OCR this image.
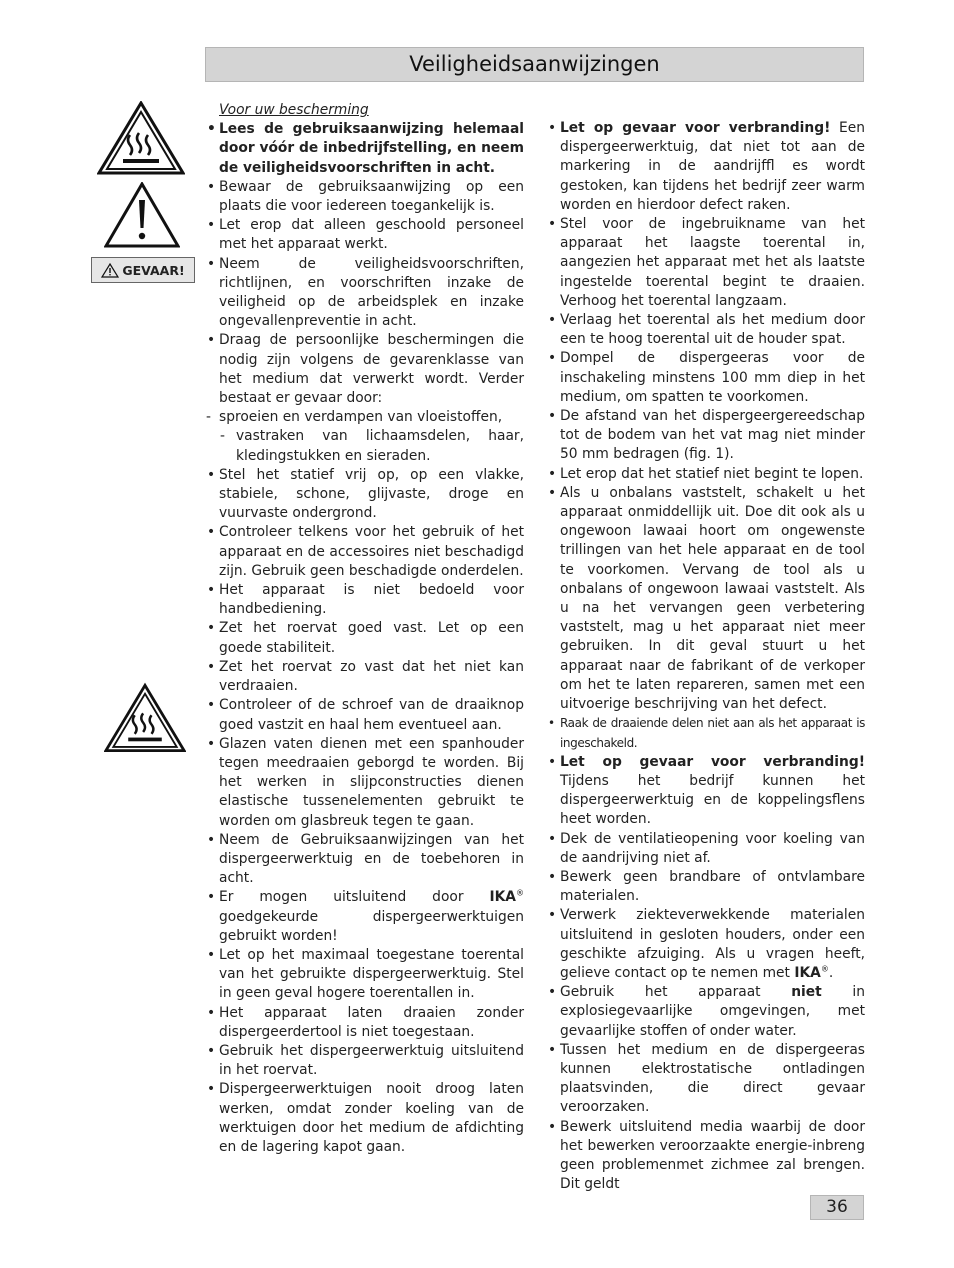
Veiligheidsaanwijzingen
GEVAAR!

Voor uw bescherming

• Lees de gebruiksaanwijzing helemaal door vóór de inbedrijfstelling, en neem de veiligheidsvoorschriften in acht.

• Bewaar de gebruiksaanwijzing op een plaats die voor iedereen toegankelijk is.

• Let erop dat alleen geschoold personeel met het apparaat werkt.

• Neem de veiligheidsvoorschriften, richtlijnen, en voorschriften inzake de veiligheid op de arbeidsplek en inzake ongevallenpreventie in acht.

• Draag de persoonlijke beschermingen die nodig zijn volgens de gevarenklasse van het medium dat verwerkt wordt. Verder bestaat er gevaar door:

- sproeien en verdampen van vloeistoffen,

- vastraken van lichaamsdelen, haar, kledingstukken en sieraden.

• Stel het statief vrij op, op een vlakke, stabiele, schone, glijvaste, droge en vuurvaste ondergrond.

• Controleer telkens voor het gebruik of het apparaat en de accessoires niet beschadigd zijn. Gebruik geen beschadigde onderdelen.

• Het apparaat is niet bedoeld voor handbediening.

• Zet het roervat goed vast. Let op een goede stabiliteit.

• Zet het roervat zo vast dat het niet kan verdraaien.

• Controleer of de schroef van de draaiknop goed vastzit en haal hem eventueel aan.

• Glazen vaten dienen met een spanhouder tegen meedraaien geborgd te worden. Bij het werken in slijpconstructies dienen elastische tussenelementen gebruikt te worden om glasbreuk tegen te gaan.

• Neem de Gebruiksaanwijzingen van het dispergeerwerktuig en de toebehoren in acht.

• Er mogen uitsluitend door IKA® goedgekeurde dispergeerwerktuigen gebruikt worden!

• Let op het maximaal toegestane toerental van het gebruikte dispergeerwerktuig. Stel in geen geval hogere toerentallen in.

• Het apparaat laten draaien zonder dispergeerdertool is niet toegestaan.

• Gebruik het dispergeerwerktuig uitsluitend in het roervat.

• Dispergeerwerktuigen nooit droog laten werken, omdat zonder koeling van de werktuigen door het medium de afdichting en de lagering kapot gaan.

• Let op gevaar voor verbranding! Een dispergeerwerktuig, dat niet tot aan de markering in de aandrijffl es wordt gestoken, kan tijdens het bedrijf zeer warm worden en hierdoor defect raken.

• Stel voor de ingebruikname van het apparaat het laagste toerental in, aangezien het apparaat met het als laatste ingestelde toerental begint te draaien. Verhoog het toerental langzaam.

• Verlaag het toerental als het medium door een te hoog toerental uit de houder spat.

• Dompel de dispergeeras voor de inschakeling minstens 100 mm diep in het medium, om spatten te voorkomen.

• De afstand van het dispergeergereedschap tot de bodem van het vat mag niet minder 50 mm bedragen (fig. 1).

• Let erop dat het statief niet begint te lopen.

• Als u onbalans vaststelt, schakelt u het apparaat onmiddellijk uit. Doe dit ook als u ongewoon lawaai hoort om ongewenste trillingen van het hele apparaat en de tool te voorkomen. Vervang de tool als u onbalans of ongewoon lawaai vaststelt. Als u na het vervangen geen verbetering vaststelt, mag u het apparaat niet meer gebruiken. In dit geval stuurt u het apparaat naar de fabrikant of de verkoper om het te laten repareren, samen met een uitvoerige beschrijving van het defect.

• Raak de draaiende delen niet aan als het apparaat is ingeschakeld.

• Let op gevaar voor verbranding! Tijdens het bedrijf kunnen het dispergeerwerktuig en de koppelingsflens heet worden.

• Dek de ventilatieopening voor koeling van de aandrijving niet af.

• Bewerk geen brandbare of ontvlambare materialen.

• Verwerk ziekteverwekkende materialen uitsluitend in gesloten houders, onder een geschikte afzuiging. Als u vragen heeft, gelieve contact op te nemen met IKA®.

• Gebruik het apparaat niet in explosiegevaarlijke omgevingen, met gevaarlijke stoffen of onder water.

• Tussen het medium en de dispergeeras kunnen elektrostatische ontladingen plaatsvinden, die direct gevaar veroorzaken.

• Bewerk uitsluitend media waarbij de door het bewerken veroorzaakte energie-inbreng geen problemenmet zichmee zal brengen. Dit geldt

36
